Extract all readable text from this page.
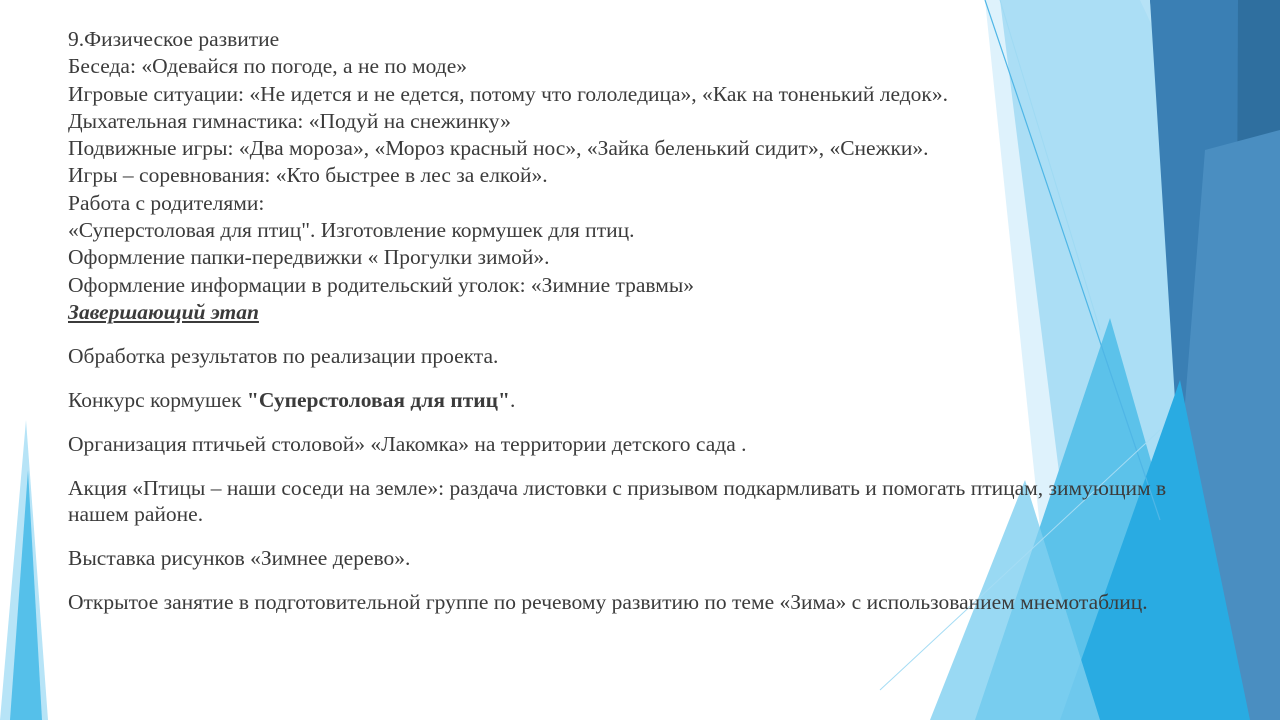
9.Физическое развитие
Беседа: «Одевайся по погоде, а не по моде»
Игровые ситуации: «Не идется и не едется, потому что гололедица», «Как на тоненький ледок».
Дыхательная гимнастика: «Подуй на снежинку»
Подвижные игры: «Два мороза», «Мороз красный нос», «Зайка беленький сидит», «Снежки».
Игры – соревнования: «Кто быстрее в лес за елкой».
Работа с родителями:
«Суперстоловая для птиц". Изготовление кормушек для птиц.
Оформление папки-передвижки « Прогулки зимой».
Оформление информации в родительский уголок: «Зимние травмы»
Завершающий этап
Обработка результатов по реализации проекта.
Конкурс кормушек "Суперстоловая для птиц".
Организация птичьей столовой» «Лакомка» на территории детского сада .
Акция «Птицы – наши соседи на земле»: раздача листовки с призывом подкармливать и помогать птицам, зимующим в нашем районе.
Выставка рисунков «Зимнее дерево».
Открытое занятие в подготовительной группе по речевому развитию по теме «Зима» с использованием мнемотаблиц.
